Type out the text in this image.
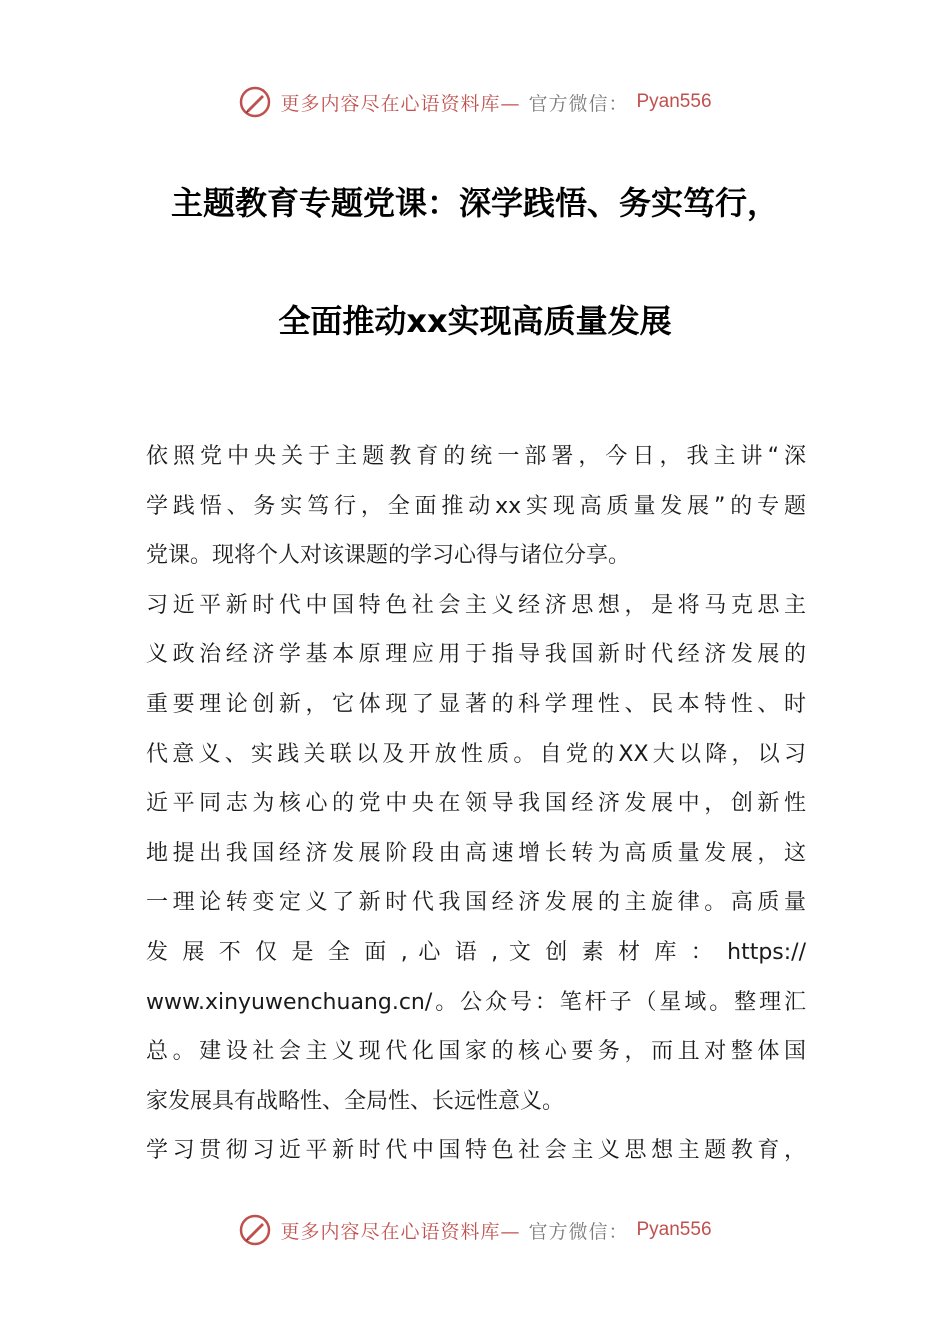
更多内容尽在心语资料库— 官方微信： Pyan556
主题教育专题党课：深学践悟、务实笃行，
全面推动xx实现高质量发展
依照党中央关于主题教育的统一部署，今日，我主讲“深
学践悟、务实笃行，全面推动xx实现高质量发展”的专题
党课。现将个人对该课题的学习心得与诸位分享。
习近平新时代中国特色社会主义经济思想，是将马克思主
义政治经济学基本原理应用于指导我国新时代经济发展的
重要理论创新，它体现了显著的科学理性、民本特性、时
代意义、实践关联以及开放性质。自党的XX大以降，以习
近平同志为核心的党中央在领导我国经济发展中，创新性
地提出我国经济发展阶段由高速增长转为高质量发展，这
一理论转变定义了新时代我国经济发展的主旋律。高质量
发 展 不 仅 是 全 面 , 心 语 , 文 创 素 材 库 ： https://
www.xinyuwenchuang.cn/。公众号：笔杆子（星域。整理汇
总。建设社会主义现代化国家的核心要务，而且对整体国
家发展具有战略性、全局性、长远性意义。
学习贯彻习近平新时代中国特色社会主义思想主题教育，
更多内容尽在心语资料库— 官方微信： Pyan556
